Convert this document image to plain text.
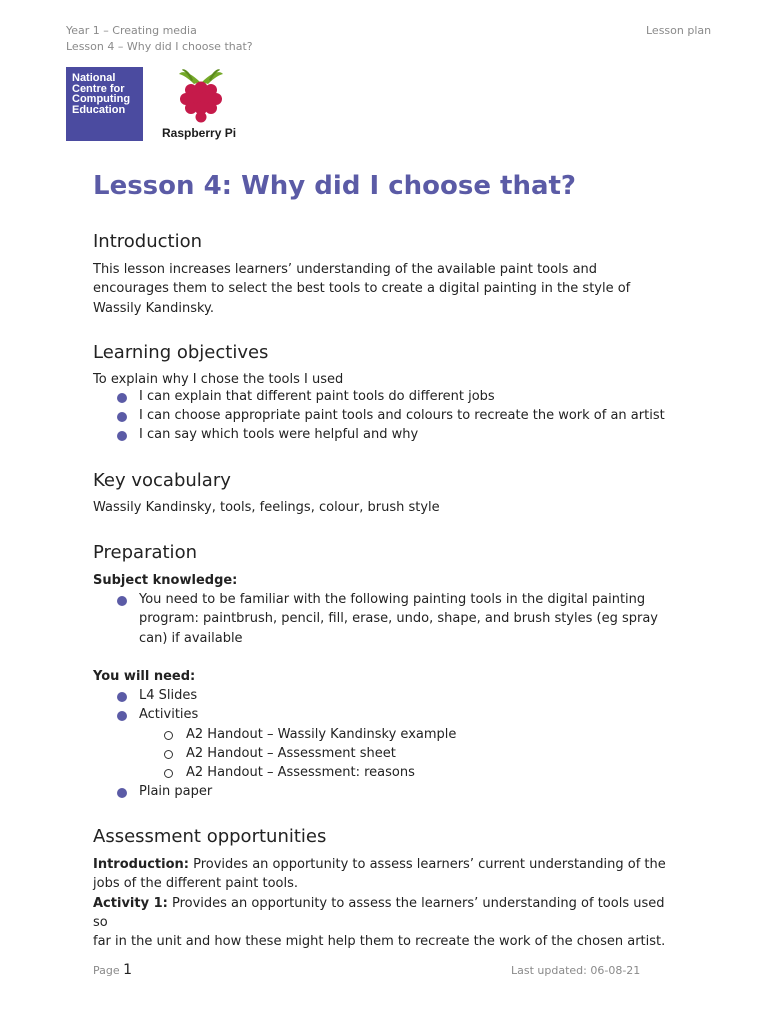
Year 1 – Creating media
Lesson 4 – Why did I choose that?
Lesson plan
National
Centre for
Computing
Education
Raspberry Pi
Lesson 4: Why did I choose that?
Introduction
This lesson increases learners’ understanding of the available paint tools and
encourages them to select the best tools to create a digital painting in the style of
Wassily Kandinsky.
Learning objectives
To explain why I chose the tools I used
I can explain that different paint tools do different jobs
I can choose appropriate paint tools and colours to recreate the work of an artist
I can say which tools were helpful and why
Key vocabulary
Wassily Kandinsky, tools, feelings, colour, brush style
Preparation
Subject knowledge:
You need to be familiar with the following painting tools in the digital painting
program: paintbrush, pencil, fill, erase, undo, shape, and brush styles (eg spray
can) if available
You will need:
L4 Slides
Activities
A2 Handout – Wassily Kandinsky example
A2 Handout – Assessment sheet
A2 Handout – Assessment: reasons
Plain paper
Assessment opportunities
Introduction: Provides an opportunity to assess learners’ current understanding of the
jobs of the different paint tools.
Activity 1: Provides an opportunity to assess the learners’ understanding of tools used so
far in the unit and how these might help them to recreate the work of the chosen artist.
Page 1	Last updated: 06-08-21
